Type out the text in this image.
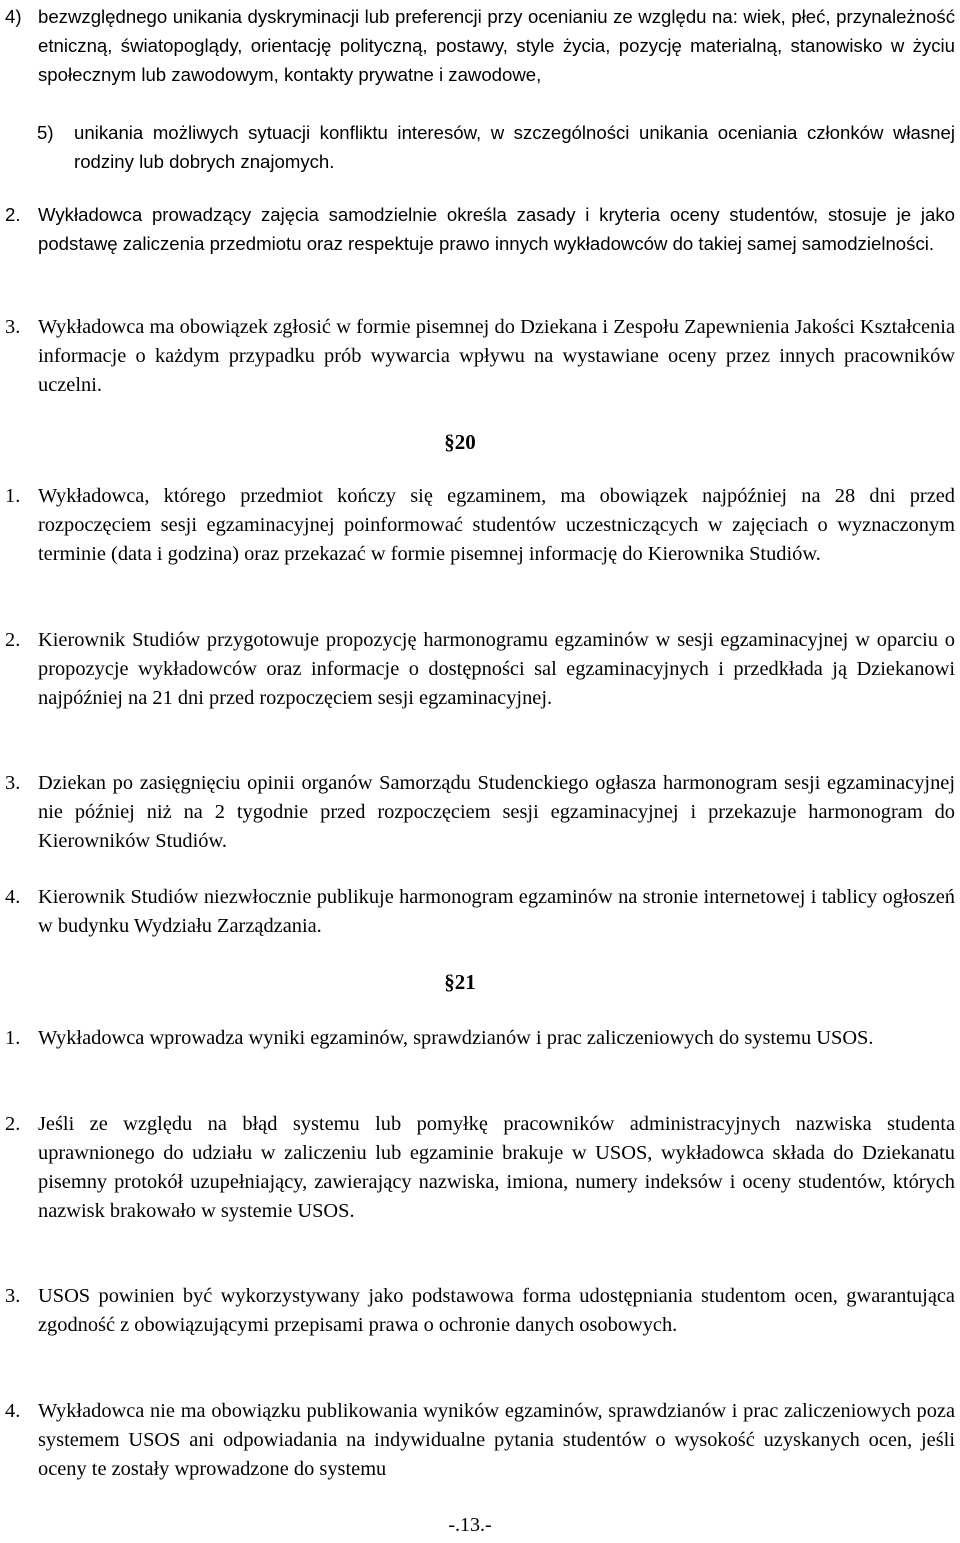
4) bezwzględnego unikania dyskryminacji lub preferencji przy ocenianiu ze względu na: wiek, płeć, przynależność etniczną, światopoglądy, orientację polityczną, postawy, style życia, pozycję materialną, stanowisko w życiu społecznym lub zawodowym, kontakty prywatne i zawodowe,
5)	unikania możliwych sytuacji konfliktu interesów, w szczególności unikania oceniania członków własnej rodziny lub dobrych znajomych.
2. Wykładowca prowadzący zajęcia samodzielnie określa zasady i kryteria oceny studentów, stosuje je jako podstawę zaliczenia przedmiotu oraz respektuje prawo innych wykładowców do takiej samej samodzielności.
3. Wykładowca ma obowiązek zgłosić w formie pisemnej do Dziekana i Zespołu Zapewnienia Jakości Kształcenia informacje o każdym przypadku prób wywarcia wpływu na wystawiane oceny przez innych pracowników uczelni.
§20
1. Wykładowca, którego przedmiot kończy się egzaminem, ma obowiązek najpóźniej na 28 dni przed rozpoczęciem sesji egzaminacyjnej poinformować studentów uczestniczących w zajęciach o wyznaczonym terminie (data i godzina) oraz przekazać w formie pisemnej informację do Kierownika Studiów.
2. Kierownik Studiów przygotowuje propozycję harmonogramu egzaminów w sesji egzaminacyjnej w oparciu o propozycje wykładowców oraz informacje o dostępności sal egzaminacyjnych i przedkłada ją Dziekanowi najpóźniej na 21 dni przed rozpoczęciem sesji egzaminacyjnej.
3. Dziekan po zasięgnięciu opinii organów Samorządu Studenckiego ogłasza harmonogram sesji egzaminacyjnej nie później niż na 2 tygodnie przed rozpoczęciem sesji egzaminacyjnej i przekazuje harmonogram do Kierowników Studiów.
4. Kierownik Studiów niezwłocznie publikuje harmonogram egzaminów na stronie internetowej i tablicy ogłoszeń w budynku Wydziału Zarządzania.
§21
1. Wykładowca wprowadza wyniki egzaminów, sprawdzianów i prac zaliczeniowych do systemu USOS.
2. Jeśli ze względu na błąd systemu lub pomyłkę pracowników administracyjnych nazwiska studenta uprawnionego do udziału w zaliczeniu lub egzaminie brakuje w USOS, wykładowca składa do Dziekanatu pisemny protokół uzupełniający, zawierający nazwiska, imiona, numery indeksów i oceny studentów, których nazwisk brakowało w systemie USOS.
3. USOS powinien być wykorzystywany jako podstawowa forma udostępniania studentom ocen, gwarantująca zgodność z obowiązującymi przepisami prawa o ochronie danych osobowych.
4. Wykładowca nie ma obowiązku publikowania wyników egzaminów, sprawdzianów i prac zaliczeniowych poza systemem USOS ani odpowiadania na indywidualne pytania studentów o wysokość uzyskanych ocen, jeśli oceny te zostały wprowadzone do systemu
-.13.-
